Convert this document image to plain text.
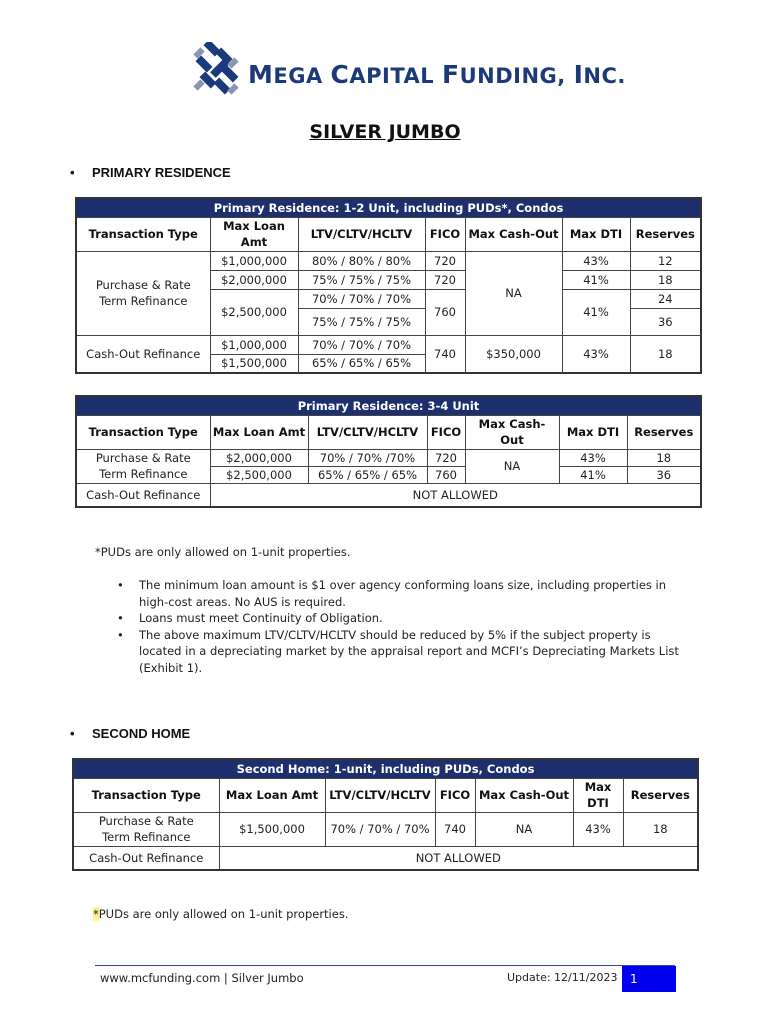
MEGA CAPITAL FUNDING, INC.
SILVER JUMBO
• PRIMARY RESIDENCE
Primary Residence: 1-2 Unit, including PUDs*, Condos						
Transaction Type	Max Loan Amt	LTV/CLTV/HCLTV	FICO	Max Cash-Out	Max DTI	Reserves
Purchase & Rate Term Refinance	$1,000,000	80% / 80% / 80%	720	NA	43%	12
	$2,000,000	75% / 75% / 75%	720		41%	18
	$2,500,000	70% / 70% / 70%	760		41%	24
		75% / 75% / 75%				36

Cash-Out Refinance	$1,000,000	70% / 70% / 70%	740	$350,000	43%	18
	$1,500,000	65% / 65% / 65%				
Primary Residence: 3-4 Unit						
Transaction Type	Max Loan Amt	LTV/CLTV/HCLTV	FICO	Max Cash-Out	Max DTI	Reserves
Purchase & Rate Term Refinance	$2,000,000	70% / 70% /70%	720	NA	43%	18
	$2,500,000	65% / 65% / 65%	760		41%	36
Cash-Out Refinance	NOT ALLOWED					
*PUDs are only allowed on 1-unit properties.
•	The minimum loan amount is $1 over agency conforming loans size, including properties in high-cost areas. No AUS is required.
•	Loans must meet Continuity of Obligation.
•	The above maximum LTV/CLTV/HCLTV should be reduced by 5% if the subject property is located in a depreciating market by the appraisal report and MCFI’s Depreciating Markets List (Exhibit 1).
• SECOND HOME
Second Home: 1-unit, including PUDs, Condos						
Transaction Type	Max Loan Amt	LTV/CLTV/HCLTV	FICO	Max Cash-Out	Max DTI	Reserves
Purchase & Rate Term Refinance	$1,500,000	70% / 70% / 70%	740	NA	43%	18
Cash-Out Refinance	NOT ALLOWED					
*PUDs are only allowed on 1-unit properties.
www.mcfunding.com | Silver Jumbo	Update: 12/11/2023	1
